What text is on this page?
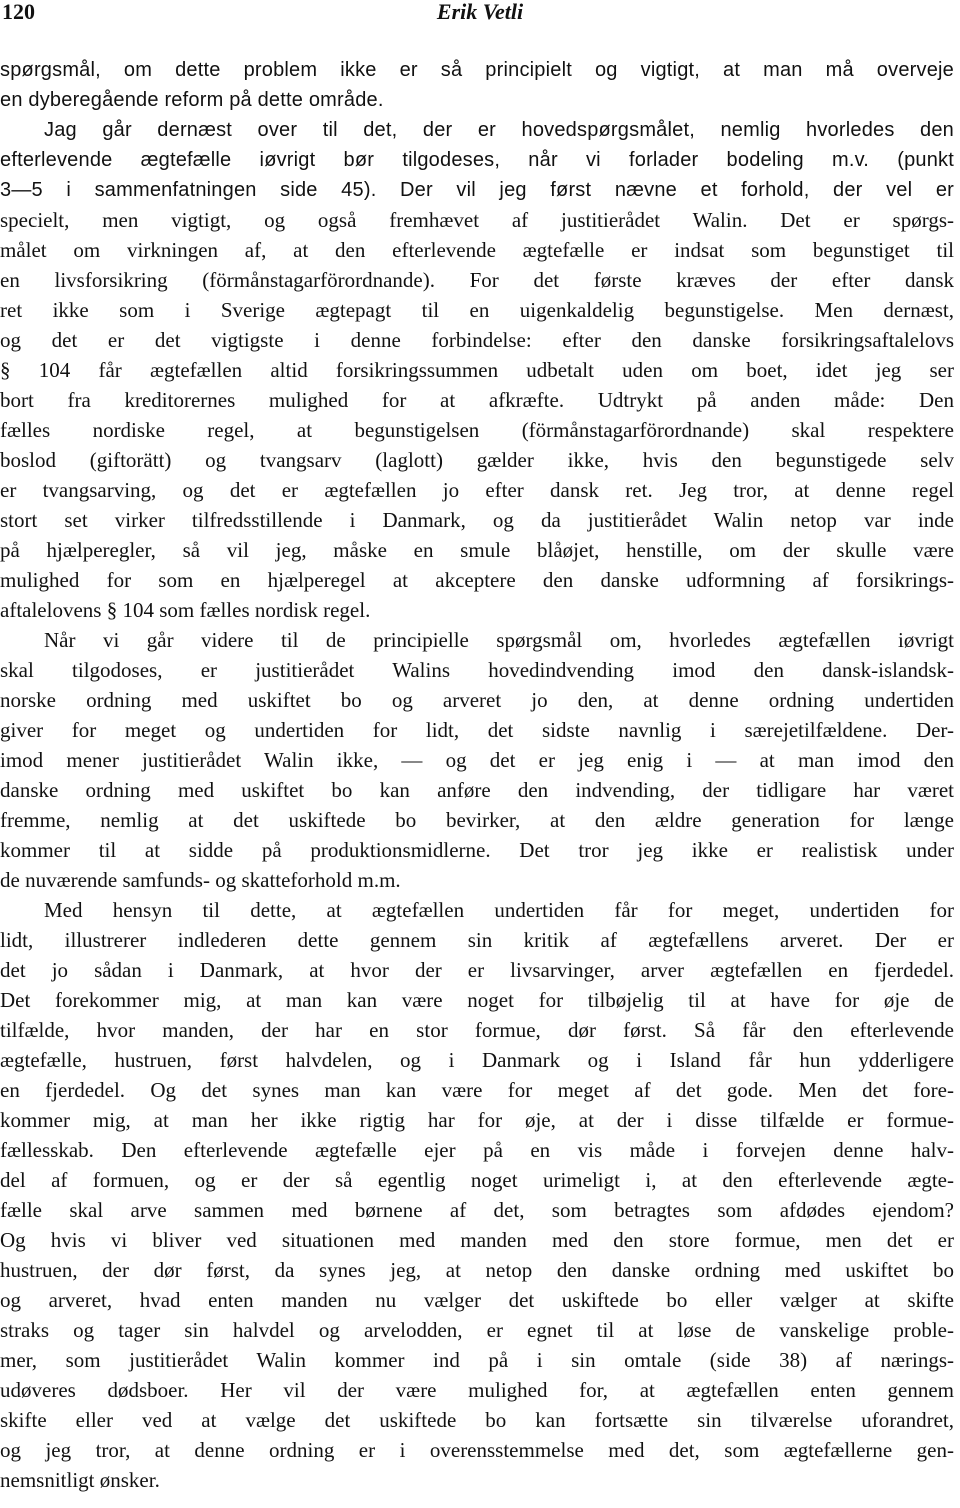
120	Erik Vetli
spørgsmål, om dette problem ikke er så principielt og vigtigt, at man må overveje
en dyberegående reform på dette område.
Jag går dernæst over til det, der er hovedspørgsmålet, nemlig hvorledes den
efterlevende ægtefælle iøvrigt bør tilgodeses, når vi forlader bodeling m.v. (punkt
3—5 i sammenfatningen side 45). Der vil jeg først nævne et forhold, der vel er
specielt, men vigtigt, og også fremhævet af justitierådet Walin. Det er spørgs-
målet om virkningen af, at den efterlevende ægtefælle er indsat som begunstiget til
en livsforsikring (förmånstagarförordnande). For det første kræves der efter dansk
ret ikke som i Sverige ægtepagt til en uigenkaldelig begunstigelse. Men dernæst,
og det er det vigtigste i denne forbindelse: efter den danske forsikringsaftalelovs
§ 104 får ægtefællen altid forsikringssummen udbetalt uden om boet, idet jeg ser
bort fra kreditorernes mulighed for at afkræfte. Udtrykt på anden måde: Den
fælles nordiske regel, at begunstigelsen (förmånstagarförordnande) skal respektere
boslod (giftorätt) og tvangsarv (laglott) gælder ikke, hvis den begunstigede selv
er tvangsarving, og det er ægtefællen jo efter dansk ret. Jeg tror, at denne regel
stort set virker tilfredsstillende i Danmark, og da justitierådet Walin netop var inde
på hjælperegler, så vil jeg, måske en smule blåøjet, henstille, om der skulle være
mulighed for som en hjælperegel at akceptere den danske udformning af forsikrings-
aftalelovens § 104 som fælles nordisk regel.
Når vi går videre til de principielle spørgsmål om, hvorledes ægtefællen iøvrigt
skal tilgodoses, er justitierådet Walins hovedindvending imod den dansk-islandsk-
norske ordning med uskiftet bo og arveret jo den, at denne ordning undertiden
giver for meget og undertiden for lidt, det sidste navnlig i særejetilfældene. Der-
imod mener justitierådet Walin ikke, — og det er jeg enig i — at man imod den
danske ordning med uskiftet bo kan anføre den indvending, der tidligare har været
fremme, nemlig at det uskiftede bo bevirker, at den ældre generation for længe
kommer til at sidde på produktionsmidlerne. Det tror jeg ikke er realistisk under
de nuværende samfunds- og skatteforhold m.m.
Med hensyn til dette, at ægtefællen undertiden får for meget, undertiden for
lidt, illustrerer indlederen dette gennem sin kritik af ægtefællens arveret. Der er
det jo sådan i Danmark, at hvor der er livsarvinger, arver ægtefællen en fjerdedel.
Det forekommer mig, at man kan være noget for tilbøjelig til at have for øje de
tilfælde, hvor manden, der har en stor formue, dør først. Så får den efterlevende
ægtefælle, hustruen, først halvdelen, og i Danmark og i Island får hun ydderligere
en fjerdedel. Og det synes man kan være for meget af det gode. Men det fore-
kommer mig, at man her ikke rigtig har for øje, at der i disse tilfælde er formue-
fællesskab. Den efterlevende ægtefælle ejer på en vis måde i forvejen denne halv-
del af formuen, og er der så egentlig noget urimeligt i, at den efterlevende ægte-
fælle skal arve sammen med børnene af det, som betragtes som afdødes ejendom?
Og hvis vi bliver ved situationen med manden med den store formue, men det er
hustruen, der dør først, da synes jeg, at netop den danske ordning med uskiftet bo
og arveret, hvad enten manden nu vælger det uskiftede bo eller vælger at skifte
straks og tager sin halvdel og arvelodden, er egnet til at løse de vanskelige proble-
mer, som justitierådet Walin kommer ind på i sin omtale (side 38) af nærings-
udøveres dødsboer. Her vil der være mulighed for, at ægtefællen enten gennem
skifte eller ved at vælge det uskiftede bo kan fortsætte sin tilværelse uforandret,
og jeg tror, at denne ordning er i overensstemmelse med det, som ægtefællerne gen-
nemsnitligt ønsker.
